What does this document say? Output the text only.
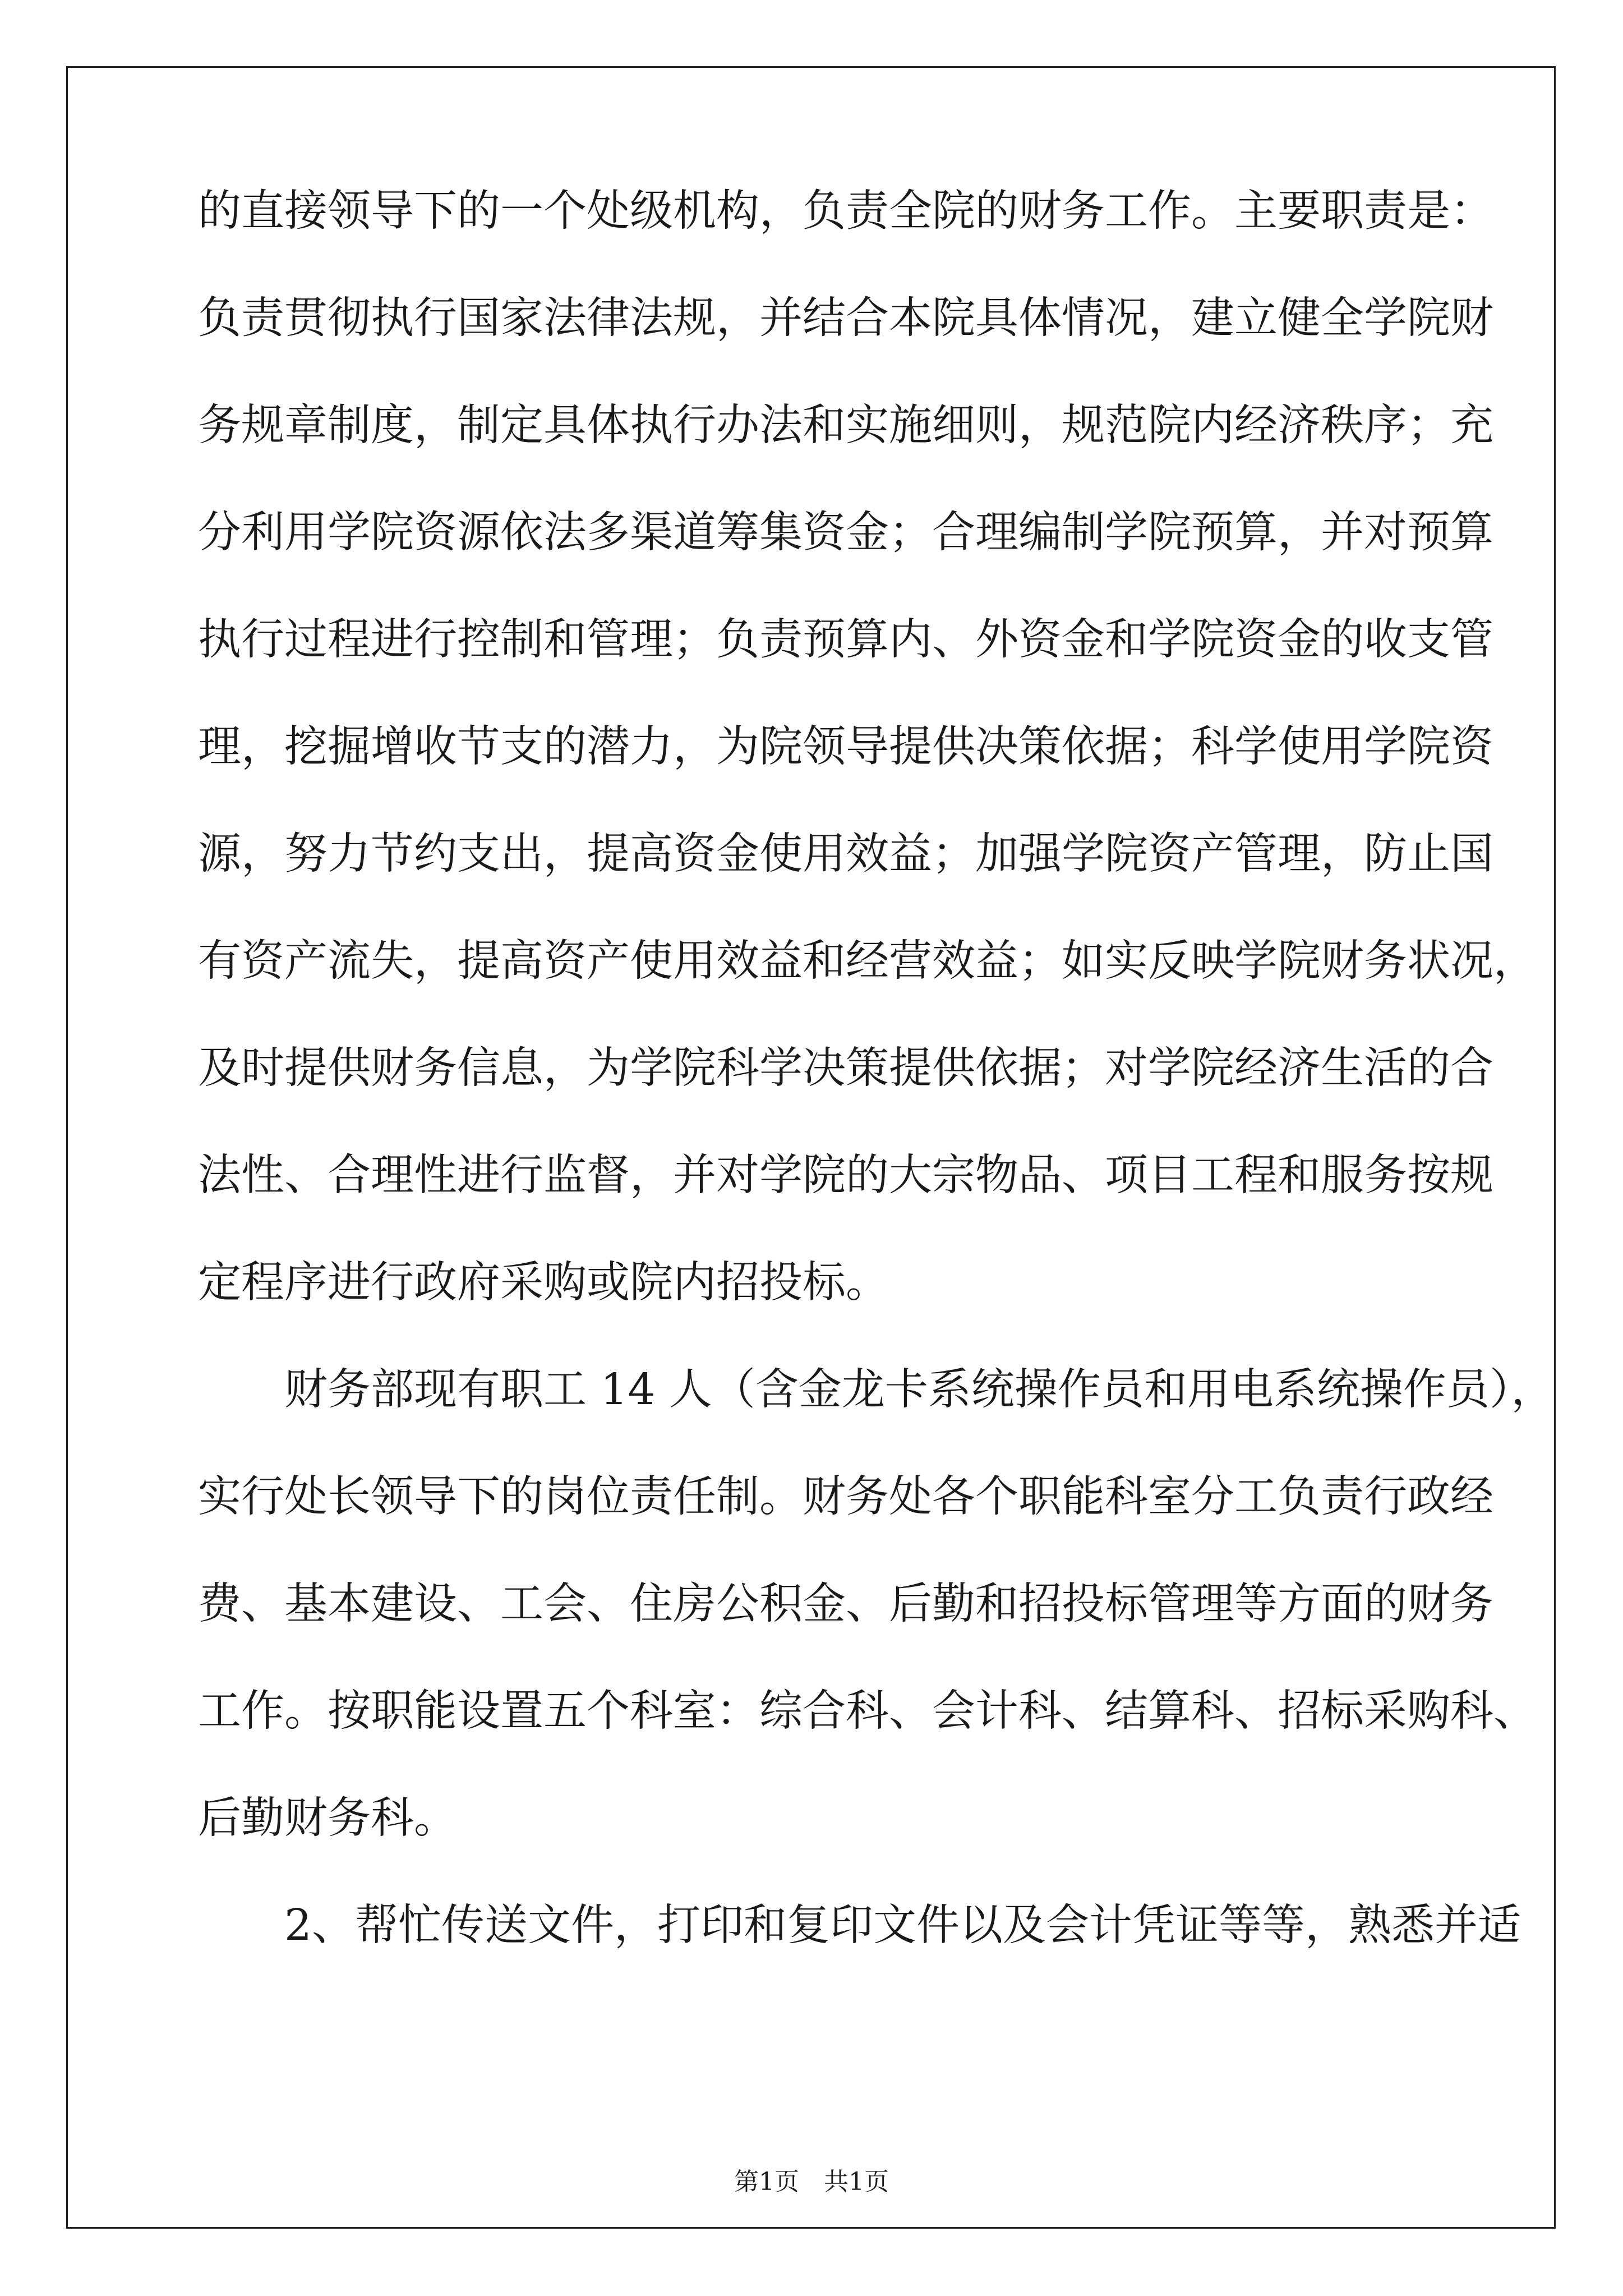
的直接领导下的一个处级机构，负责全院的财务工作。主要职责是：
负责贯彻执行国家法律法规，并结合本院具体情况，建立健全学院财
务规章制度，制定具体执行办法和实施细则，规范院内经济秩序；充
分利用学院资源依法多渠道筹集资金；合理编制学院预算，并对预算
执行过程进行控制和管理；负责预算内、外资金和学院资金的收支管
理，挖掘增收节支的潜力，为院领导提供决策依据；科学使用学院资
源，努力节约支出，提高资金使用效益；加强学院资产管理，防止国
有资产流失，提高资产使用效益和经营效益；如实反映学院财务状况，
及时提供财务信息，为学院科学决策提供依据；对学院经济生活的合
法性、合理性进行监督，并对学院的大宗物品、项目工程和服务按规
定程序进行政府采购或院内招投标。
　　财务部现有职工 14 人（含金龙卡系统操作员和用电系统操作员），
实行处长领导下的岗位责任制。财务处各个职能科室分工负责行政经
费、基本建设、工会、住房公积金、后勤和招投标管理等方面的财务
工作。按职能设置五个科室：综合科、会计科、结算科、招标采购科、
后勤财务科。
　　2、帮忙传送文件，打印和复印文件以及会计凭证等等，熟悉并适
第1页　共1页
